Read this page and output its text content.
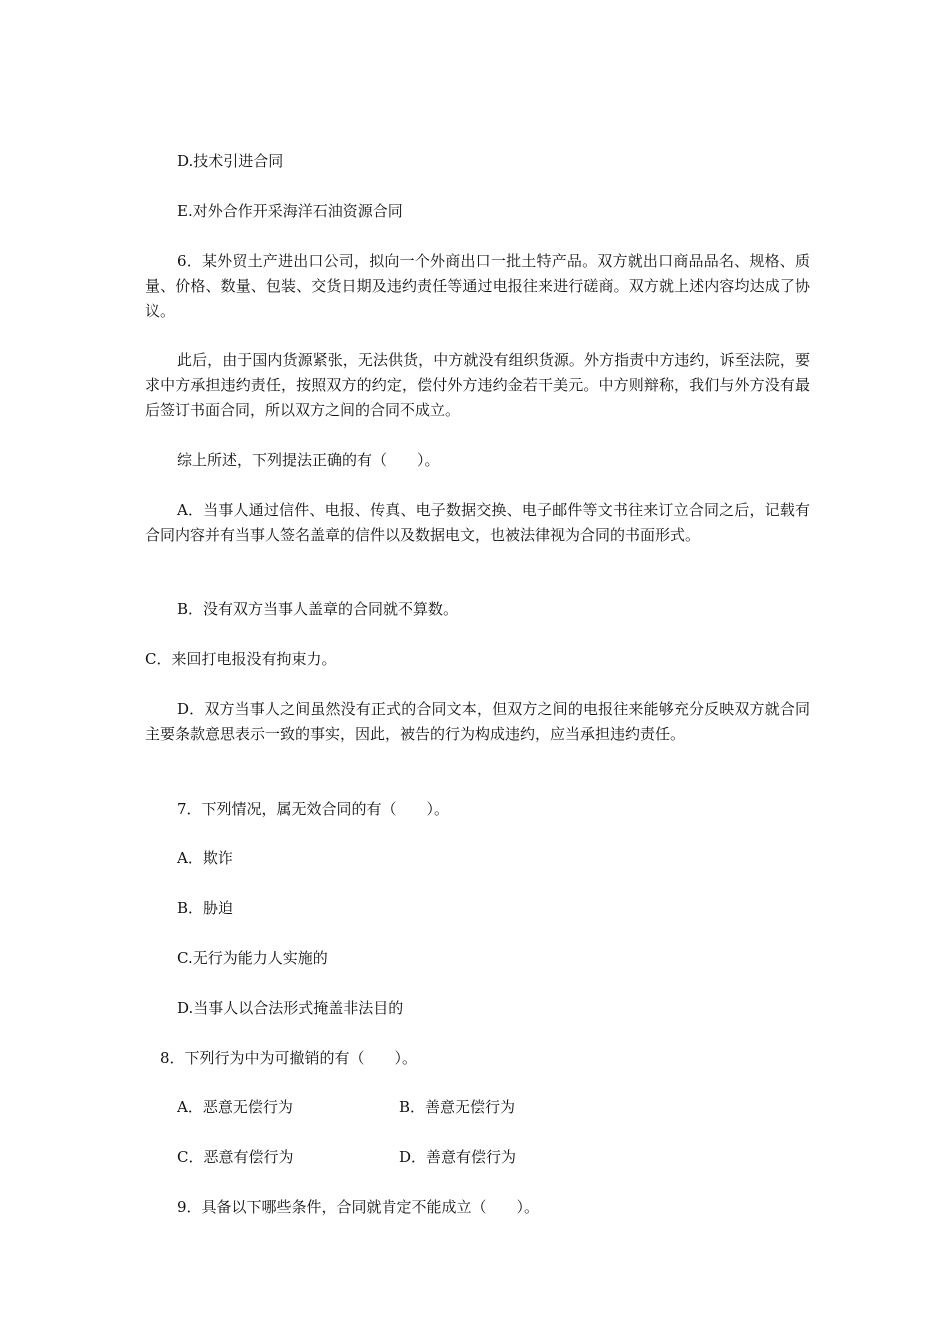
D.技术引进合同
E.对外合作开采海洋石油资源合同
6．某外贸土产进出口公司，拟向一个外商出口一批土特产品。双方就出口商品品名、规格、质量、价格、数量、包装、交货日期及违约责任等通过电报往来进行磋商。双方就上述内容均达成了协议。
此后，由于国内货源紧张，无法供货，中方就没有组织货源。外方指责中方违约，诉至法院，要求中方承担违约责任，按照双方的约定，偿付外方违约金若干美元。中方则辩称，我们与外方没有最后签订书面合同，所以双方之间的合同不成立。
综上所述，下列提法正确的有（　　）。
A．当事人通过信件、电报、传真、电子数据交换、电子邮件等文书往来订立合同之后，记载有合同内容并有当事人签名盖章的信件以及数据电文，也被法律视为合同的书面形式。
B．没有双方当事人盖章的合同就不算数。
C．来回打电报没有拘束力。
D．双方当事人之间虽然没有正式的合同文本，但双方之间的电报往来能够充分反映双方就合同主要条款意思表示一致的事实，因此，被告的行为构成违约，应当承担违约责任。
7．下列情况，属无效合同的有（　　）。
A．欺诈
B．胁迫
C.无行为能力人实施的
D.当事人以合法形式掩盖非法目的
8．下列行为中为可撤销的有（　　）。
A．恶意无偿行为	B．善意无偿行为
C．恶意有偿行为	D．善意有偿行为
9．具备以下哪些条件，合同就肯定不能成立（　　）。
